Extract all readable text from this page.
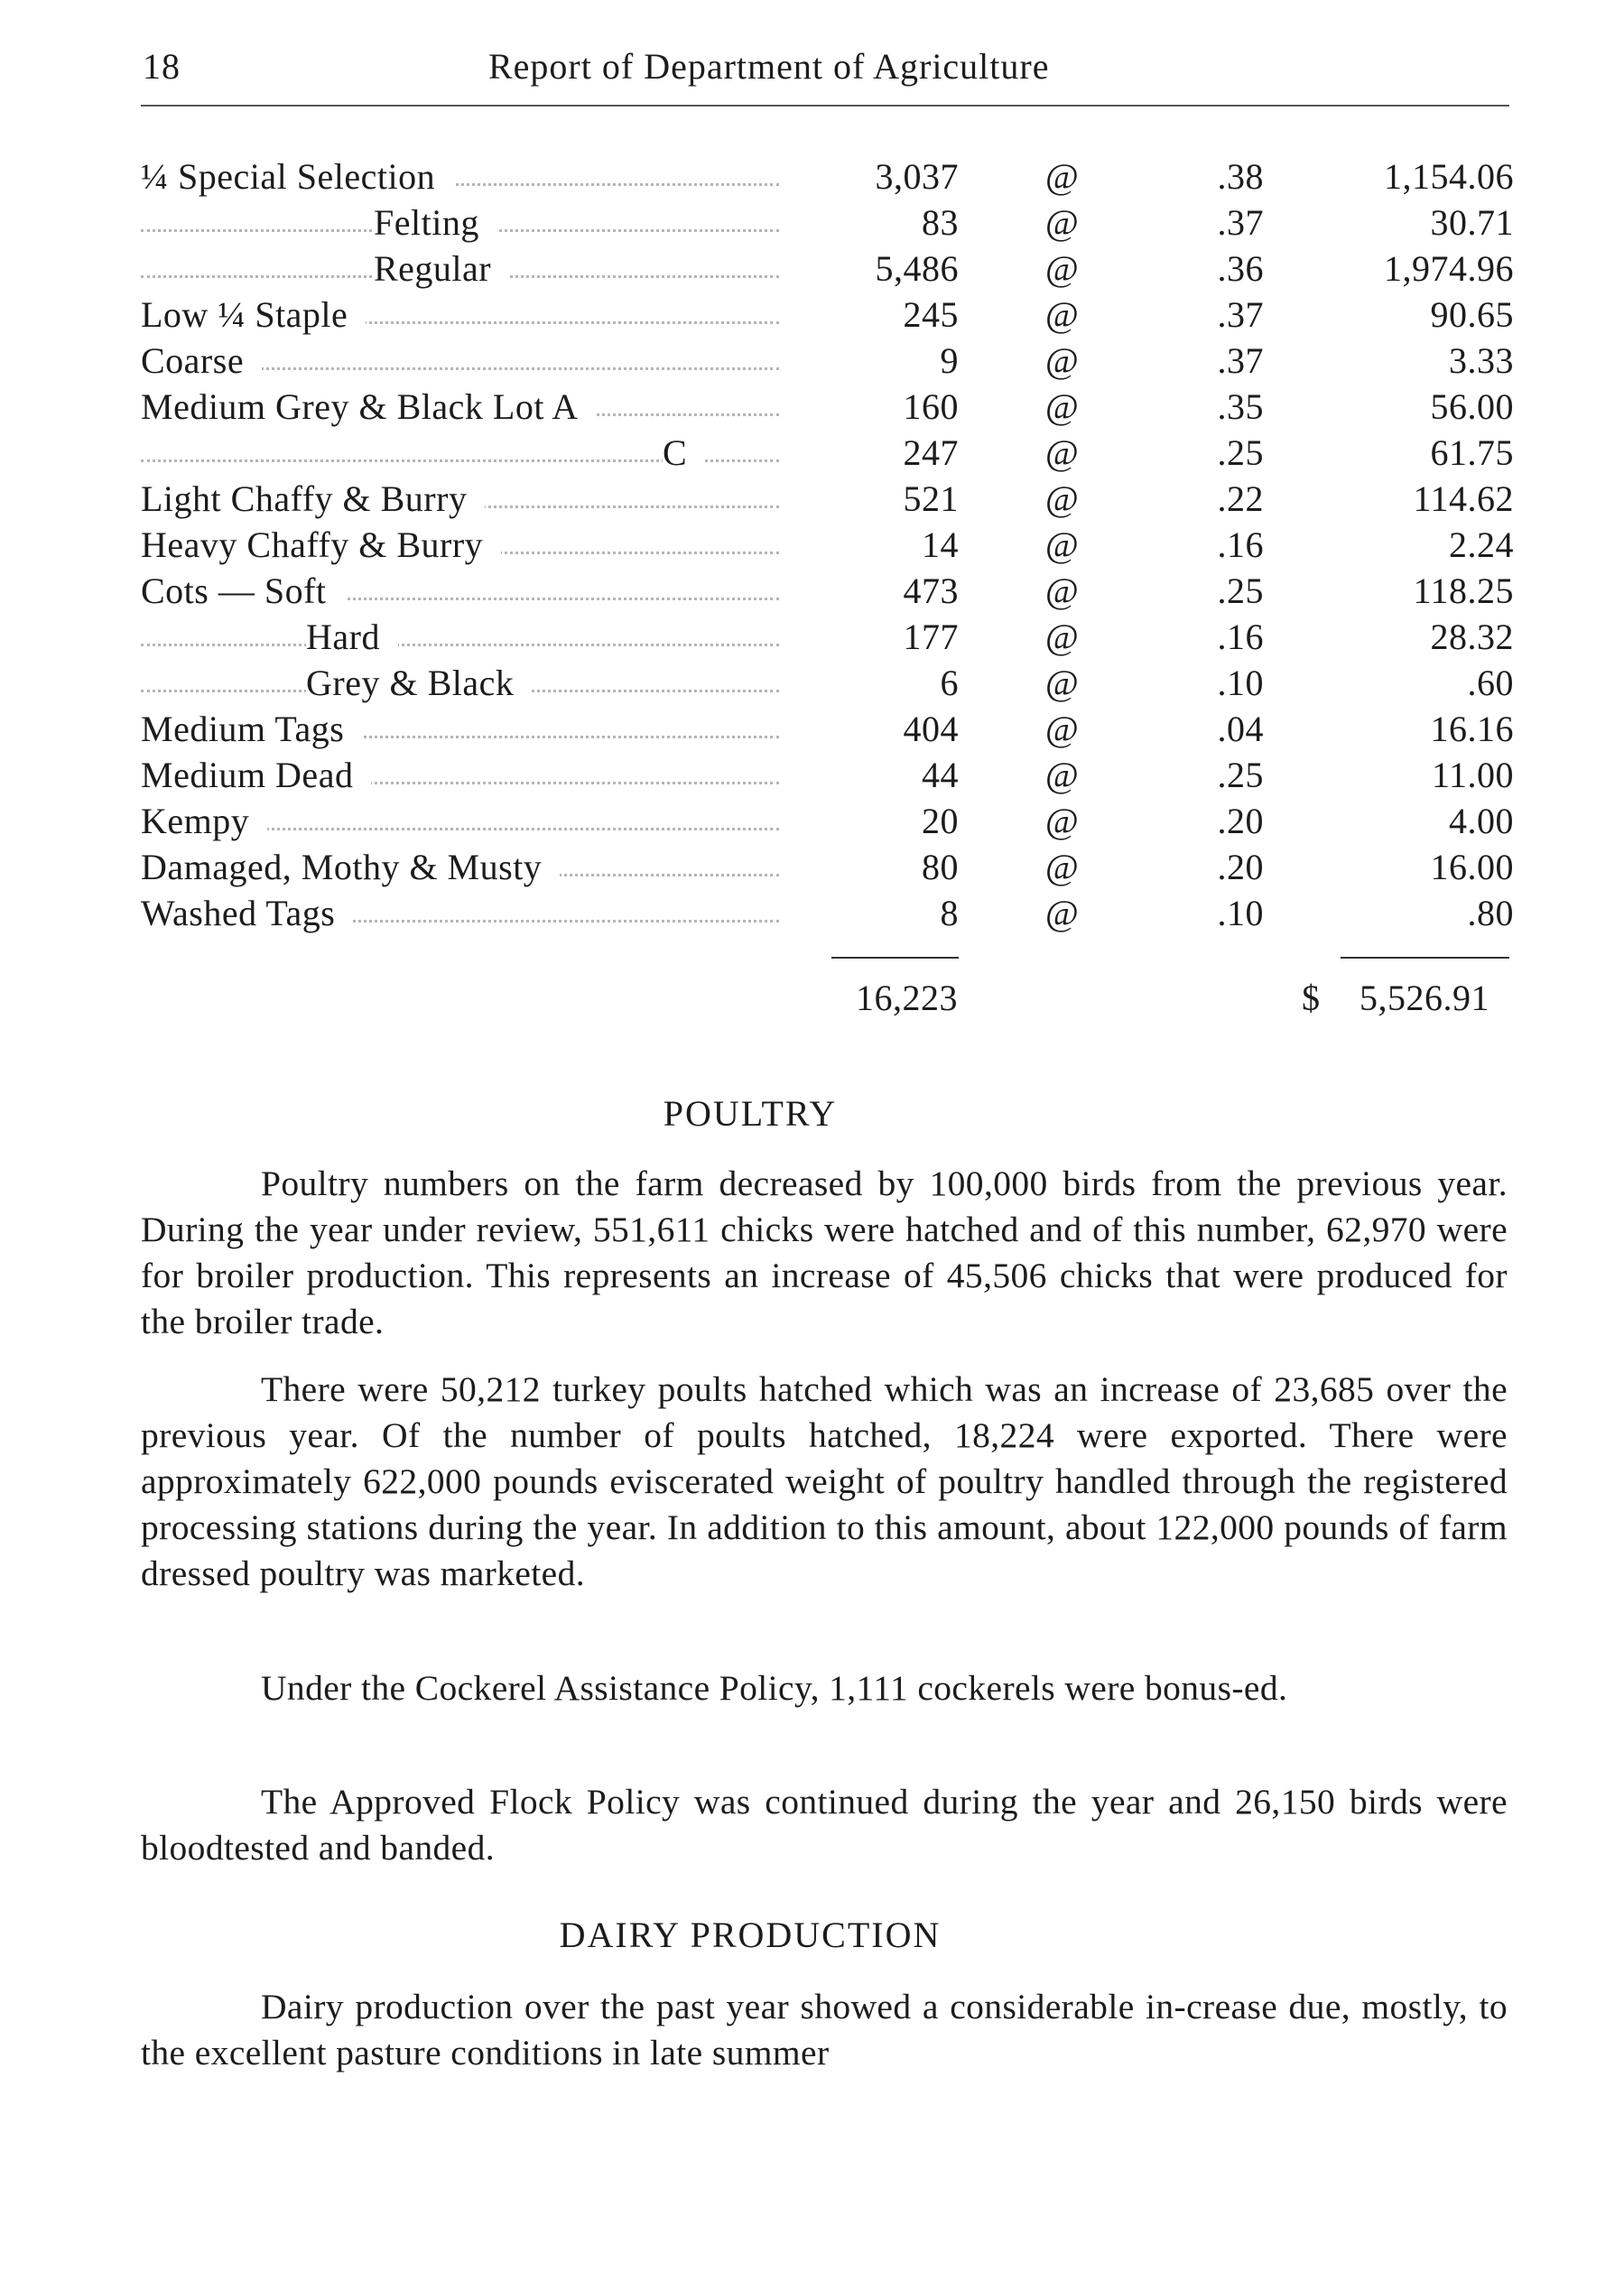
18	Report of Department of Agriculture
¼ Special Selection	3,037 @	.38	1,154.06
Felting	83 @	.37	30.71
Regular	5,486 @	.36	1,974.96
Low ¼ Staple	245 @	.37	90.65
Coarse	9 @	.37	3.33
Medium Grey & Black Lot A	160 @	.35	56.00
C	247 @	.25	61.75
Light Chaffy & Burry	521 @	.22	114.62
Heavy Chaffy & Burry	14 @	.16	2.24
Cots — Soft	473 @	.25	118.25
Hard	177 @	.16	28.32
Grey & Black	6 @	.10	.60
Medium Tags	404 @	.04	16.16
Medium Dead	44 @	.25	11.00
Kempy	20 @	.20	4.00
Damaged, Mothy & Musty	80 @	.20	16.00
Washed Tags	8 @	.10	.80
16,223	$ 5,526.91
POULTRY

Poultry numbers on the farm decreased by 100,000 birds from the previous year. During the year under review, 551,611 chicks were hatched and of this number, 62,970 were for broiler production. This represents an increase of 45,506 chicks that were produced for the broiler trade.

There were 50,212 turkey poults hatched which was an increase of 23,685 over the previous year. Of the number of poults hatched, 18,224 were exported. There were approximately 622,000 pounds eviscerated weight of poultry handled through the registered processing stations during the year. In addition to this amount, about 122,000 pounds of farm dressed poultry was marketed.

Under the Cockerel Assistance Policy, 1,111 cockerels were bonus-ed.

The Approved Flock Policy was continued during the year and 26,150 birds were bloodtested and banded.

DAIRY PRODUCTION

Dairy production over the past year showed a considerable in-crease due, mostly, to the excellent pasture conditions in late summer
